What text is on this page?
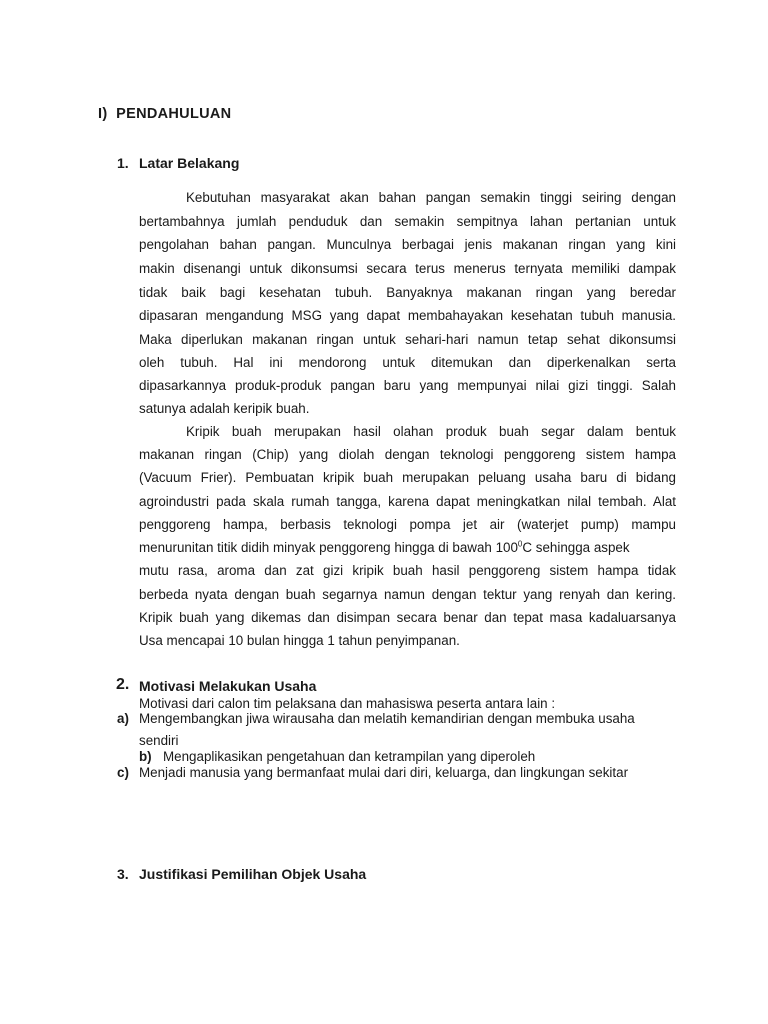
I) PENDAHULUAN
1. Latar Belakang
Kebutuhan masyarakat akan bahan pangan semakin tinggi seiring dengan
bertambahnya jumlah penduduk dan semakin sempitnya lahan pertanian untuk
pengolahan bahan pangan. Munculnya berbagai jenis makanan ringan yang kini
makin disenangi untuk dikonsumsi secara terus menerus ternyata memiliki dampak
tidak baik bagi kesehatan tubuh. Banyaknya makanan ringan yang beredar
dipasaran mengandung MSG yang dapat membahayakan kesehatan tubuh manusia.
Maka diperlukan makanan ringan untuk sehari-hari namun tetap sehat dikonsumsi
oleh tubuh. Hal ini mendorong untuk ditemukan dan diperkenalkan serta
dipasarkannya produk-produk pangan baru yang mempunyai nilai gizi tinggi. Salah
satunya adalah keripik buah.
Kripik buah merupakan hasil olahan produk buah segar dalam bentuk
makanan ringan (Chip) yang diolah dengan teknologi penggoreng sistem hampa
(Vacuum Frier). Pembuatan kripik buah merupakan peluang usaha baru di bidang
agroindustri pada skala rumah tangga, karena dapat meningkatkan nilal tembah. Alat
penggoreng hampa, berbasis teknologi pompa jet air (waterjet pump) mampu
menurunitan titik didih minyak penggoreng hingga di bawah $100^0C$ sehingga aspek
mutu rasa, aroma dan zat gizi kripik buah hasil penggoreng sistem hampa tidak
berbeda nyata dengan buah segarnya namun dengan tektur yang renyah dan kering.
Kripik buah yang dikemas dan disimpan secara benar dan tepat masa kadaluarsanya
Usa mencapai 10 bulan hingga 1 tahun penyimpanan.
2. Motivasi Melakukan Usaha
Motivasi dari calon tim pelaksana dan mahasiswa peserta antara lain :
a) Mengembangkan jiwa wirausaha dan melatih kemandirian dengan membuka usaha
sendiri
b) Mengaplikasikan pengetahuan dan ketrampilan yang diperoleh
c) Menjadi manusia yang bermanfaat mulai dari diri, keluarga, dan lingkungan sekitar
3. Justifikasi Pemilihan Objek Usaha
